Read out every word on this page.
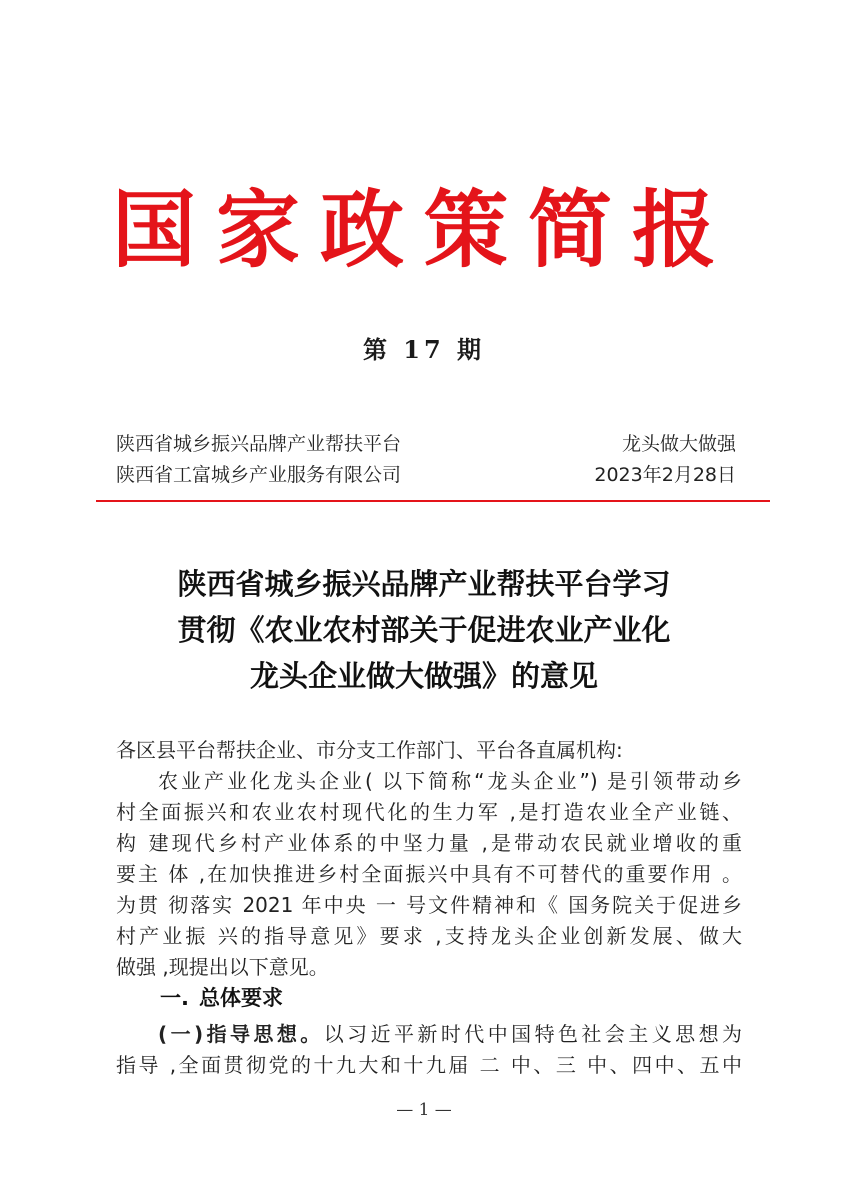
国家政策简报
第 17 期
陕西省城乡振兴品牌产业帮扶平台	龙头做大做强
陕西省工富城乡产业服务有限公司	2023年2月28日
陕西省城乡振兴品牌产业帮扶平台学习
贯彻《农业农村部关于促进农业产业化
龙头企业做大做强》的意见
各区县平台帮扶企业、市分支工作部门、平台各直属机构:
农业产业化龙头企业( 以下简称“龙头企业”) 是引领带动乡
村全面振兴和农业农村现代化的生力军 ,是打造农业全产业链、
构 建现代乡村产业体系的中坚力量 ,是带动农民就业增收的重
要主 体 ,在加快推进乡村全面振兴中具有不可替代的重要作用 。
为贯 彻落实 2021 年中央 一 号文件精神和《 国务院关于促进乡
村产业振 兴的指导意见》要求 ,支持龙头企业创新发展、做大
做强 ,现提出以下意见。
一. 总体要求
(一)指导思想。以习近平新时代中国特色社会主义思想为
指导 ,全面贯彻党的十九大和十九届 二 中、三 中、四中、五中
— 1 —
